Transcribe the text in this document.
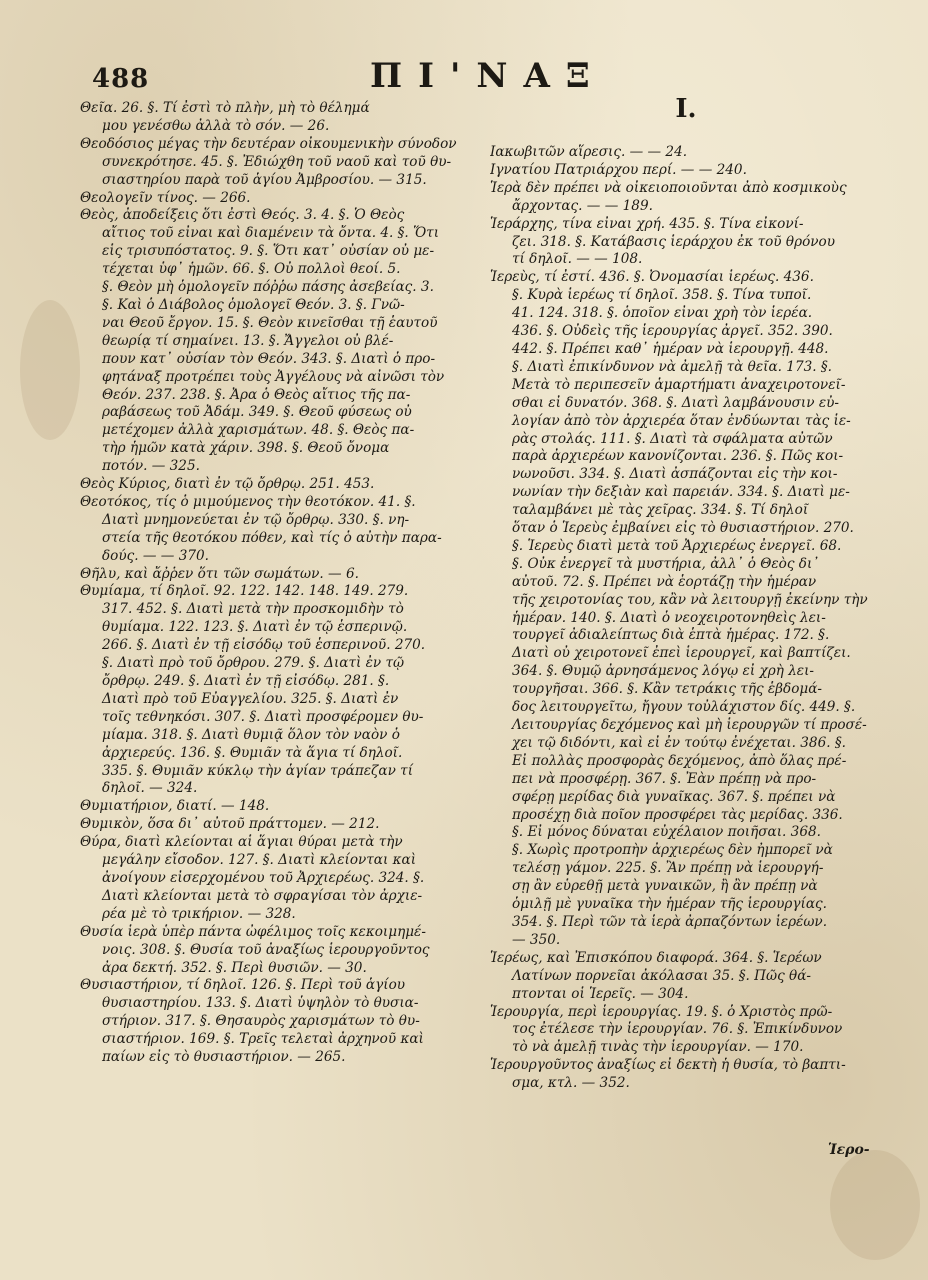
488	ΠΙ'ΝΑΞ
Θεῖα. 26. §. Τί ἐστὶ τὸ πλὴν, μὴ τὸ θέλημά
μου γενέσθω ἀλλὰ τὸ σόν. — 26.
Θεοδόσιος μέγας τὴν δευτέραν οἰκουμενικὴν σύνοδον
συνεκρότησε. 45. §. Ἐδιώχθη τοῦ ναοῦ καὶ τοῦ θυ-
σιαστηρίου παρὰ τοῦ ἁγίου Ἀμβροσίου. — 315.
Θεολογεῖν τίνος. — 266.
Θεὸς, ἀποδείξεις ὅτι ἐστὶ Θεός. 3. 4. §. Ὁ Θεὸς
αἴτιος τοῦ εἶναι καὶ διαμένειν τὰ ὄντα. 4. §. Ὅτι
εἷς τρισυπόστατος. 9. §. Ὅτι κατ᾽ οὐσίαν οὐ με-
τέχεται ὑφ᾽ ἡμῶν. 66. §. Οὐ πολλοὶ θεοί. 5.
§. Θεὸν μὴ ὁμολογεῖν πόῤῥω πάσης ἀσεβείας. 3.
§. Καὶ ὁ Διάβολος ὁμολογεῖ Θεόν. 3. §. Γνῶ-
ναι Θεοῦ ἔργον. 15. §. Θεὸν κινεῖσθαι τῇ ἑαυτοῦ
θεωρίᾳ τί σημαίνει. 13. §. Ἄγγελοι οὐ βλέ-
πουν κατ᾽ οὐσίαν τὸν Θεόν. 343. §. Διατὶ ὁ προ-
φητάναξ προτρέπει τοὺς Ἀγγέλους νὰ αἰνῶσι τὸν
Θεόν. 237. 238. §. Ἀρα ὁ Θεὸς αἴτιος τῆς πα-
ραβάσεως τοῦ Ἀδάμ. 349. §. Θεοῦ φύσεως οὐ
μετέχομεν ἀλλὰ χαρισμάτων. 48. §. Θεὸς πα-
τὴρ ἡμῶν κατὰ χάριν. 398. §. Θεοῦ ὄνομα
ποτόν. — 325.
Θεὸς Κύριος, διατὶ ἐν τῷ ὄρθρῳ. 251. 453.
Θεοτόκος, τίς ὁ μιμούμενος τὴν θεοτόκον. 41. §.
Διατὶ μνημονεύεται ἐν τῷ ὄρθρῳ. 330. §. νη-
στεία τῆς θεοτόκου πόθεν, καὶ τίς ὁ αὐτὴν παρα-
δούς. — — 370.
Θῆλυ, καὶ ἄῤῥεν ὅτι τῶν σωμάτων. — 6.
Θυμίαμα, τί δηλοῖ. 92. 122. 142. 148. 149. 279.
317. 452. §. Διατὶ μετὰ τὴν προσκομιδὴν τὸ
θυμίαμα. 122. 123. §. Διατὶ ἐν τῷ ἑσπερινῷ.
266. §. Διατὶ ἐν τῇ εἰσόδῳ τοῦ ἑσπερινοῦ. 270.
§. Διατὶ πρὸ τοῦ ὄρθρου. 279. §. Διατὶ ἐν τῷ
ὄρθρῳ. 249. §. Διατὶ ἐν τῇ εἰσόδῳ. 281. §.
Διατὶ πρὸ τοῦ Εὐαγγελίου. 325. §. Διατὶ ἐν
τοῖς τεθνηκόσι. 307. §. Διατὶ προσφέρομεν θυ-
μίαμα. 318. §. Διατὶ θυμιᾷ ὅλον τὸν ναὸν ὁ
ἀρχιερεύς. 136. §. Θυμιᾶν τὰ ἅγια τί δηλοῖ.
335. §. Θυμιᾶν κύκλῳ τὴν ἁγίαν τράπεζαν τί
δηλοῖ. — 324.
Θυμιατήριον, διατί. — 148.
Θυμικὸν, ὅσα δι᾽ αὐτοῦ πράττομεν. — 212.
Θύρα, διατὶ κλείονται αἱ ἅγιαι θύραι μετὰ τὴν
μεγάλην εἴσοδον. 127. §. Διατὶ κλείονται καὶ
ἀνοίγουν εἰσερχομένου τοῦ Ἀρχιερέως. 324. §.
Διατὶ κλείονται μετὰ τὸ σφραγίσαι τὸν ἀρχιε-
ρέα μὲ τὸ τρικήριον. — 328.
Θυσία ἱερὰ ὑπὲρ πάντα ὠφέλιμος τοῖς κεκοιμημέ-
νοις. 308. §. Θυσία τοῦ ἀναξίως ἱερουργοῦντος
ἆρα δεκτή. 352. §. Περὶ θυσιῶν. — 30.
Θυσιαστήριον, τί δηλοῖ. 126. §. Περὶ τοῦ ἁγίου
θυσιαστηρίου. 133. §. Διατὶ ὑψηλὸν τὸ θυσια-
στήριον. 317. §. Θησαυρὸς χαρισμάτων τὸ θυ-
σιαστήριον. 169. §. Τρεῖς τελεταὶ ἀρχηνοῦ καὶ
παίων εἰς τὸ θυσιαστήριον. — 265.
Ι.
Ιακωβιτῶν αἵρεσις. — — 24.
Ιγνατίου Πατριάρχου περί. — — 240.
Ἱερὰ δὲν πρέπει νὰ οἰκειοποιοῦνται ἀπὸ κοσμικοὺς
ἄρχοντας. — — 189.
Ἱεράρχης, τίνα εἶναι χρή. 435. §. Τίνα εἰκονί-
ζει. 318. §. Κατάβασις ἱεράρχου ἐκ τοῦ θρόνου
τί δηλοῖ. — — 108.
Ἱερεὺς, τί ἐστί. 436. §. Ὀνομασίαι ἱερέως. 436.
§. Κυρὰ ἱερέως τί δηλοῖ. 358. §. Τίνα τυποῖ.
41. 124. 318. §. ὁποῖον εἶναι χρὴ τὸν ἱερέα.
436. §. Οὐδεὶς τῆς ἱερουργίας ἀργεῖ. 352. 390.
442. §. Πρέπει καθ᾽ ἡμέραν νὰ ἱερουργῇ. 448.
§. Διατὶ ἐπικίνδυνον νὰ ἀμελῇ τὰ θεῖα. 173. §.
Μετὰ τὸ περιπεσεῖν ἁμαρτήματι ἀναχειροτονεῖ-
σθαι εἰ δυνατόν. 368. §. Διατὶ λαμβάνουσιν εὐ-
λογίαν ἀπὸ τὸν ἀρχιερέα ὅταν ἐνδύωνται τὰς ἱε-
ρὰς στολάς. 111. §. Διατὶ τὰ σφάλματα αὐτῶν
παρὰ ἀρχιερέων κανονίζονται. 236. §. Πῶς κοι-
νωνοῦσι. 334. §. Διατὶ ἀσπάζονται εἰς τὴν κοι-
νωνίαν τὴν δεξιὰν καὶ παρειάν. 334. §. Διατὶ με-
ταλαμβάνει μὲ τὰς χεῖρας. 334. §. Τί δηλοῖ
ὅταν ὁ Ἱερεὺς ἐμβαίνει εἰς τὸ θυσιαστήριον. 270.
§. Ἱερεὺς διατὶ μετὰ τοῦ Ἀρχιερέως ἐνεργεῖ. 68.
§. Οὐκ ἐνεργεῖ τὰ μυστήρια, ἀλλ᾽ ὁ Θεὸς δι᾽
αὐτοῦ. 72. §. Πρέπει νὰ ἑορτάζῃ τὴν ἡμέραν
τῆς χειροτονίας του, κἂν νὰ λειτουργῇ ἐκείνην τὴν
ἡμέραν. 140. §. Διατὶ ὁ νεοχειροτονηθεὶς λει-
τουργεῖ ἀδιαλείπτως διὰ ἑπτὰ ἡμέρας. 172. §.
Διατὶ οὐ χειροτονεῖ ἐπεὶ ἱερουργεῖ, καὶ βαπτίζει.
364. §. Θυμῷ ἀρνησάμενος λόγῳ εἰ χρὴ λει-
τουργῆσαι. 366. §. Κἂν τετράκις τῆς ἑβδομά-
δος λειτουργεῖτω, ἤγουν τοὐλάχιστον δίς. 449. §.
Λειτουργίας δεχόμενος καὶ μὴ ἱερουργῶν τί προσέ-
χει τῷ διδόντι, καὶ εἰ ἐν τούτῳ ἐνέχεται. 386. §.
Εἰ πολλὰς προσφορὰς δεχόμενος, ἀπὸ ὅλας πρέ-
πει νὰ προσφέρῃ. 367. §. Ἐὰν πρέπῃ νὰ προ-
σφέρῃ μερίδας διὰ γυναῖκας. 367. §. πρέπει νὰ
προσέχῃ διὰ ποῖον προσφέρει τὰς μερίδας. 336.
§. Εἰ μόνος δύναται εὐχέλαιον ποιῆσαι. 368.
§. Χωρὶς προτροπὴν ἀρχιερέως δὲν ἠμπορεῖ νὰ
τελέσῃ γάμον. 225. §. Ἂν πρέπῃ νὰ ἱερουργή-
σῃ ἂν εὑρεθῇ μετὰ γυναικῶν, ἢ ἂν πρέπῃ νὰ
ὁμιλῇ μὲ γυναῖκα τὴν ἡμέραν τῆς ἱερουργίας.
354. §. Περὶ τῶν τὰ ἱερὰ ἀρπαζόντων ἱερέων.
— 350.
Ἱερέως, καὶ Ἐπισκόπου διαφορά. 364. §. Ἱερέων
Λατίνων πορνεῖαι ἀκόλασαι 35. §. Πῶς θά-
πτονται οἱ Ἱερεῖς. — 304.
Ἱερουργία, περὶ ἱερουργίας. 19. §. ὁ Χριστὸς πρῶ-
τος ἐτέλεσε τὴν ἱερουργίαν. 76. §. Ἐπικίνδυνον
τὸ νὰ ἀμελῇ τινὰς τὴν ἱερουργίαν. — 170.
Ἱερουργοῦντος ἀναξίως εἰ δεκτὴ ἡ θυσία, τὸ βαπτι-
σμα, κτλ. — 352.
Ἱερο-
